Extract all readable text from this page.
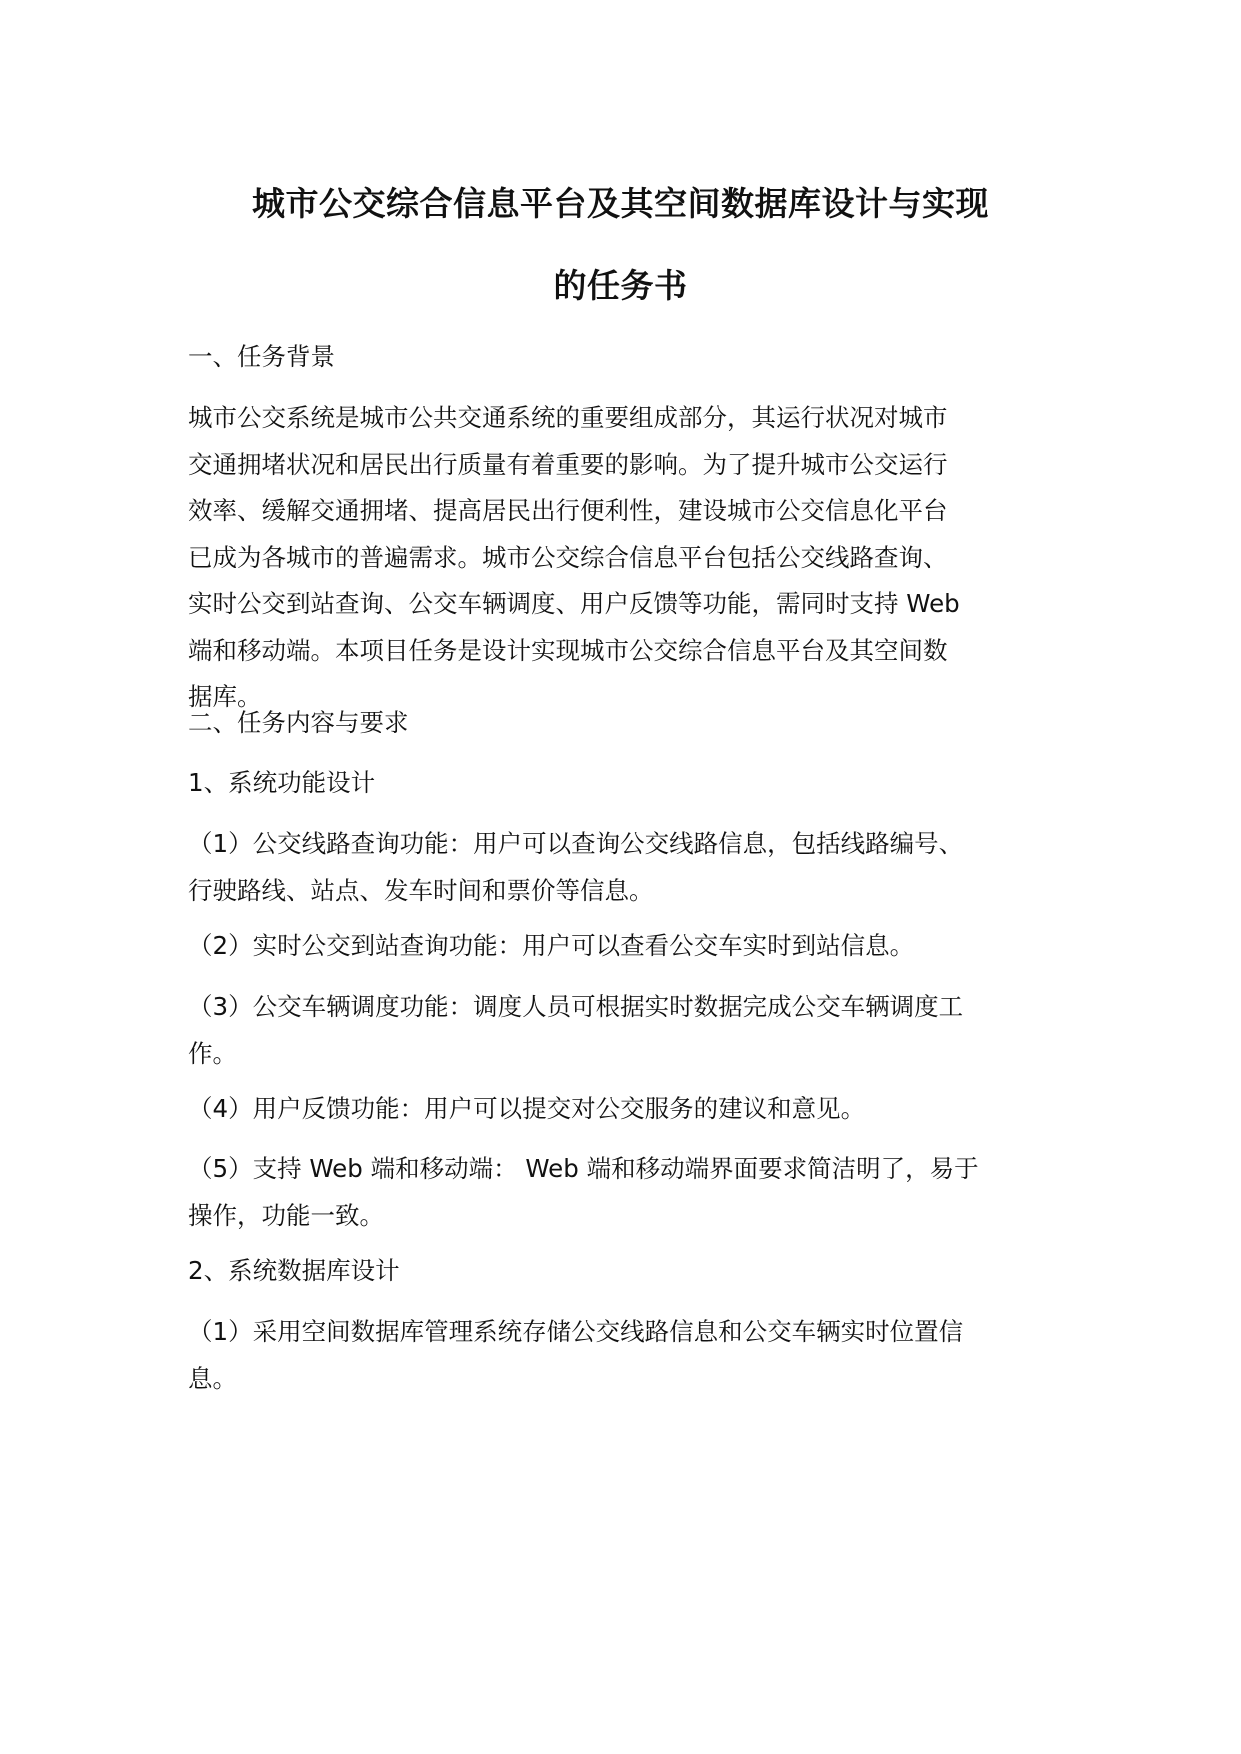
城市公交综合信息平台及其空间数据库设计与实现
的任务书
一、任务背景
城市公交系统是城市公共交通系统的重要组成部分，其运行状况对城市
交通拥堵状况和居民出行质量有着重要的影响。为了提升城市公交运行
效率、缓解交通拥堵、提高居民出行便利性，建设城市公交信息化平台
已成为各城市的普遍需求。城市公交综合信息平台包括公交线路查询、
实时公交到站查询、公交车辆调度、用户反馈等功能，需同时支持 Web
端和移动端。本项目任务是设计实现城市公交综合信息平台及其空间数
据库。
二、任务内容与要求
1、系统功能设计
（1）公交线路查询功能：用户可以查询公交线路信息，包括线路编号、
行驶路线、站点、发车时间和票价等信息。
（2）实时公交到站查询功能：用户可以查看公交车实时到站信息。
（3）公交车辆调度功能：调度人员可根据实时数据完成公交车辆调度工
作。
（4）用户反馈功能：用户可以提交对公交服务的建议和意见。
（5）支持 Web 端和移动端： Web 端和移动端界面要求简洁明了，易于
操作，功能一致。
2、系统数据库设计
（1）采用空间数据库管理系统存储公交线路信息和公交车辆实时位置信
息。
